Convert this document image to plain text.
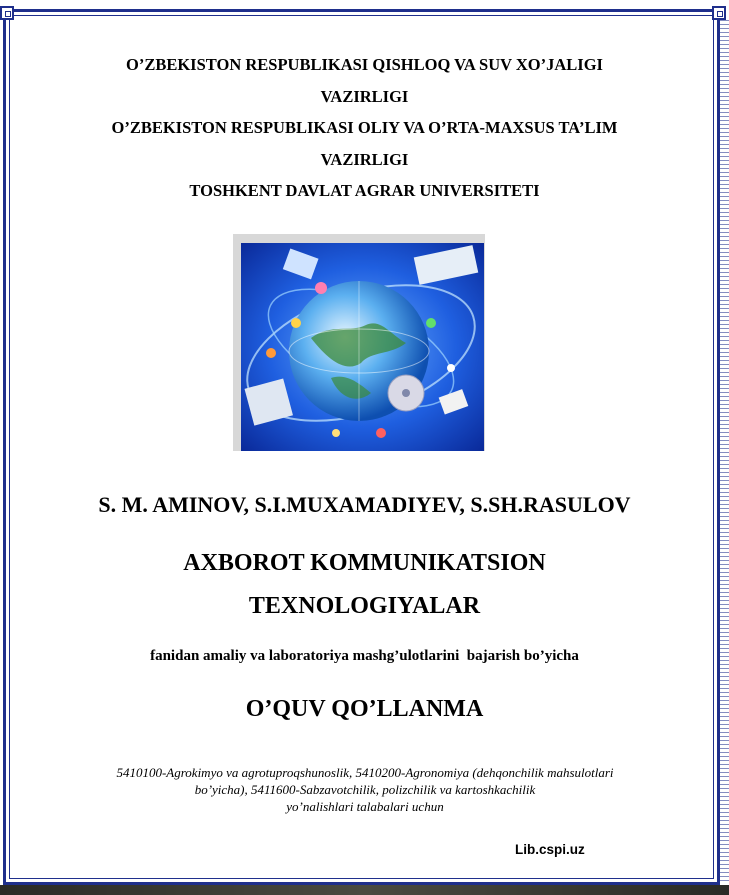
O’ZBEKISTON RESPUBLIKASI QISHLOQ VA SUV XO’JALIGI
VAZIRLIGI
O’ZBEKISTON RESPUBLIKASI OLIY VA O’RTA-MAXSUS TA’LIM
VAZIRLIGI
TOSHKENT DAVLAT AGRAR UNIVERSITETI
S. M. AMINOV, S.I.MUXAMADIYEV, S.SH.RASULOV
AXBOROT KOMMUNIKATSION
TEXNOLOGIYALAR
fanidan amaliy va laboratoriya mashg’ulotlarini  bajarish bo’yicha
O’QUV QO’LLANMA
5410100-Agrokimyo va agrotuproqshunoslik, 5410200-Agronomiya (dehqonchilik mahsulotlari
bo’yicha), 5411600-Sabzavotchilik, polizchilik va kartoshkachilik
yo’nalishlari talabalari uchun
Lib.cspi.uz
